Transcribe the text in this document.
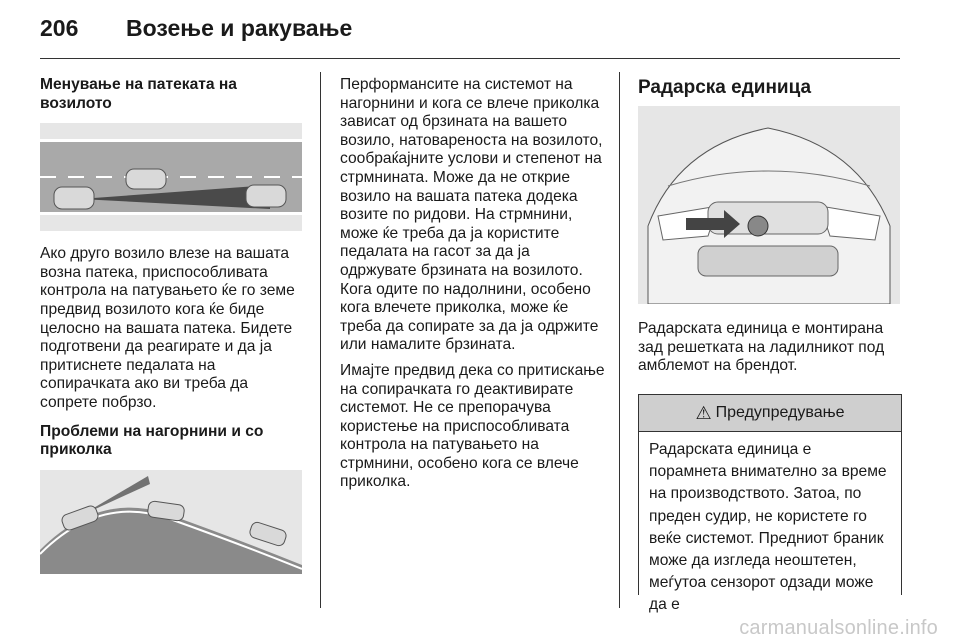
206	Возење и ракување
Менување на патеката на возилото

Ако друго возило влезе на вашата возна патека, приспособливата контрола на патувањето ќе го земе предвид возилото кога ќе биде целосно на вашата патека. Бидете подготвени да реагирате и да ја притиснете педалата на сопирачката ако ви треба да сопрете побрзо.

Проблеми на нагорнини и со приколка

Перформансите на системот на нагорнини и кога се влече приколка зависат од брзината на вашето возило, натовареноста на возилото, сообраќајните услови и степенот на стрмнината. Може да не открие возило на вашата патека додека возите по ридови. На стрмнини, може ќе треба да ја користите педалата на гасот за да ја одржувате брзината на возилото. Кога одите по надолнини, особено кога влечете приколка, може ќе треба да сопирате за да ја одржите или намалите брзината.

Имајте предвид дека со притискање на сопирачката го деактивирате системот. Не се препорачува користење на приспособливата контрола на патувањето на стрмнини, особено кога се влече приколка.

Радарска единица

Радарската единица е монтирана зад решетката на ладилникот под амблемот на брендот.

⚠ Предупредување
Радарската единица е порамнета внимателно за време на производството. Затоа, по преден судир, не користете го веќе системот. Предниот браник може да изгледа неоштетен, меѓутоа сензорот одзади може да е
carmanualsonline.info
